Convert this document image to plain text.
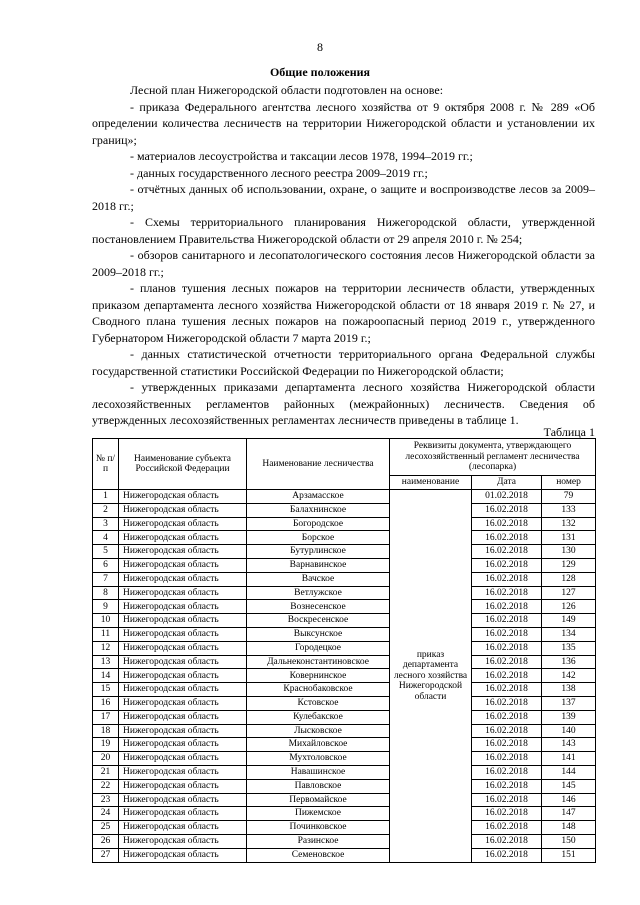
8
Общие положения

Лесной план Нижегородской области подготовлен на основе:

- приказа Федерального агентства лесного хозяйства от 9 октября 2008 г. № 289 «Об определении количества лесничеств на территории Нижегородской области и установлении их границ»;

- материалов лесоустройства и таксации лесов 1978, 1994–2019 гг.;

- данных государственного лесного реестра 2009–2019 гг.;

- отчётных данных об использовании, охране, о защите и воспроизводстве лесов за 2009–2018 гг.;

- Схемы территориального планирования Нижегородской области, утвержденной постановлением Правительства Нижегородской области от 29 апреля 2010 г. № 254;

- обзоров санитарного и лесопатологического состояния лесов Нижегородской области за 2009–2018 гг.;

- планов тушения лесных пожаров на территории лесничеств области, утвержденных приказом департамента лесного хозяйства Нижегородской области от 18 января 2019 г. № 27, и Сводного плана тушения лесных пожаров на пожароопасный период 2019 г., утвержденного Губернатором Нижегородской области 7 марта 2019 г.;

- данных статистической отчетности территориального органа Федеральной службы государственной статистики Российской Федерации по Нижегородской области;

- утвержденных приказами департамента лесного хозяйства Нижегородской области лесохозяйственных регламентов районных (межрайонных) лесничеств. Сведения об утвержденных лесохозяйственных регламентах лесничеств приведены в таблице 1.

Таблица 1
№ п/п	Наименование субъекта Российской Федерации	Наименование лесничества	Реквизиты документа, утверждающего лесохозяйственный регламент лесничества (лесопарка)		
			наименование	Дата	номер
1	Нижегородская область	Арзамасское	приказ департамента лесного хозяйства Нижегородской области	01.02.2018	79
2	Нижегородская область	Балахнинское		16.02.2018	133
3	Нижегородская область	Богородское		16.02.2018	132
4	Нижегородская область	Борское		16.02.2018	131
5	Нижегородская область	Бутурлинское		16.02.2018	130
6	Нижегородская область	Варнавинское		16.02.2018	129
7	Нижегородская область	Вачское		16.02.2018	128
8	Нижегородская область	Ветлужское		16.02.2018	127
9	Нижегородская область	Вознесенское		16.02.2018	126
10	Нижегородская область	Воскресенское		16.02.2018	149
11	Нижегородская область	Выксунское		16.02.2018	134
12	Нижегородская область	Городецкое		16.02.2018	135
13	Нижегородская область	Дальнеконстантиновское		16.02.2018	136
14	Нижегородская область	Ковернинское		16.02.2018	142
15	Нижегородская область	Краснобаковское		16.02.2018	138
16	Нижегородская область	Кстовское		16.02.2018	137
17	Нижегородская область	Кулебакское		16.02.2018	139
18	Нижегородская область	Лысковское		16.02.2018	140
19	Нижегородская область	Михайловское		16.02.2018	143
20	Нижегородская область	Мухтоловское		16.02.2018	141
21	Нижегородская область	Навашинское		16.02.2018	144
22	Нижегородская область	Павловское		16.02.2018	145
23	Нижегородская область	Первомайское		16.02.2018	146
24	Нижегородская область	Пижемское		16.02.2018	147
25	Нижегородская область	Починковское		16.02.2018	148
26	Нижегородская область	Разинское		16.02.2018	150
27	Нижегородская область	Семеновское		16.02.2018	151
